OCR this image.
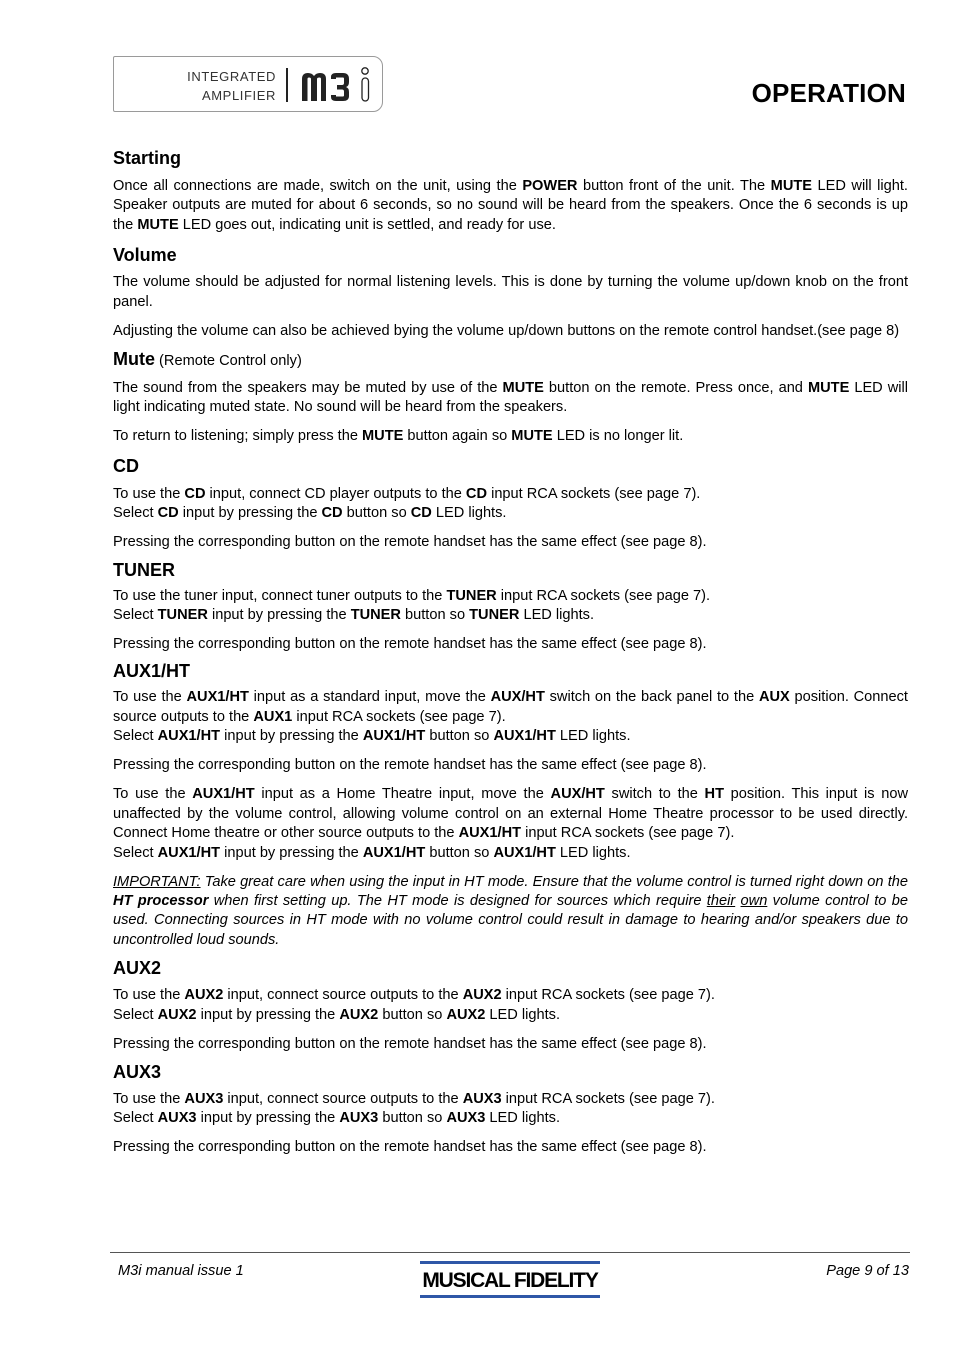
INTEGRATED
AMPLIFIER	OPERATION
Starting

Once all connections are made, switch on the unit, using the POWER button front of the unit. The MUTE LED will light. Speaker outputs are muted for about 6 seconds, so no sound will be heard from the speakers. Once the 6 seconds is up the MUTE LED goes out, indicating unit is settled, and ready for use.

Volume

The volume should be adjusted for normal listening levels. This is done by turning the volume up/down knob on the front panel.

Adjusting the volume can also be achieved bying the volume up/down buttons on the remote control handset.(see page 8)

Mute (Remote Control only)

The sound from the speakers may be muted by use of the MUTE button on the remote. Press once, and MUTE LED will light indicating muted state. No sound will be heard from the speakers.

To return to listening; simply press the MUTE button again so MUTE LED is no longer lit.

CD

To use the CD input, connect CD player outputs to the CD input RCA sockets (see page 7).
Select CD input by pressing the CD button so CD LED lights.

Pressing the corresponding button on the remote handset has the same effect (see page 8).

TUNER

To use the tuner input, connect tuner outputs to the TUNER input RCA sockets (see page 7).
Select TUNER input by pressing the TUNER button so TUNER LED lights.

Pressing the corresponding button on the remote handset has the same effect (see page 8).

AUX1/HT

To use the AUX1/HT input as a standard input, move the AUX/HT switch on the back panel to the AUX position. Connect source outputs to the AUX1 input RCA sockets (see page 7).
Select AUX1/HT input by pressing the AUX1/HT button so AUX1/HT LED lights.

Pressing the corresponding button on the remote handset has the same effect (see page 8).

To use the AUX1/HT input as a Home Theatre input, move the AUX/HT switch to the HT position. This input is now unaffected by the volume control, allowing volume control on an external Home Theatre processor to be used directly. Connect Home theatre or other source outputs to the AUX1/HT input RCA sockets (see page 7).
Select AUX1/HT input by pressing the AUX1/HT button so AUX1/HT LED lights.

IMPORTANT: Take great care when using the input in HT mode. Ensure that the volume control is turned right down on the HT processor when first setting up. The HT mode is designed for sources which require their own volume control to be used. Connecting sources in HT mode with no volume control could result in damage to hearing and/or speakers due to uncontrolled loud sounds.

AUX2

To use the AUX2 input, connect source outputs to the AUX2 input RCA sockets (see page 7).
Select AUX2 input by pressing the AUX2 button so AUX2 LED lights.

Pressing the corresponding button on the remote handset has the same effect (see page 8).

AUX3

To use the AUX3 input, connect source outputs to the AUX3 input RCA sockets (see page 7).
Select AUX3 input by pressing the AUX3 button so AUX3 LED lights.

Pressing the corresponding button on the remote handset has the same effect (see page 8).

M3i manual issue 1	MUSICAL FIDELITY	Page 9 of 13
